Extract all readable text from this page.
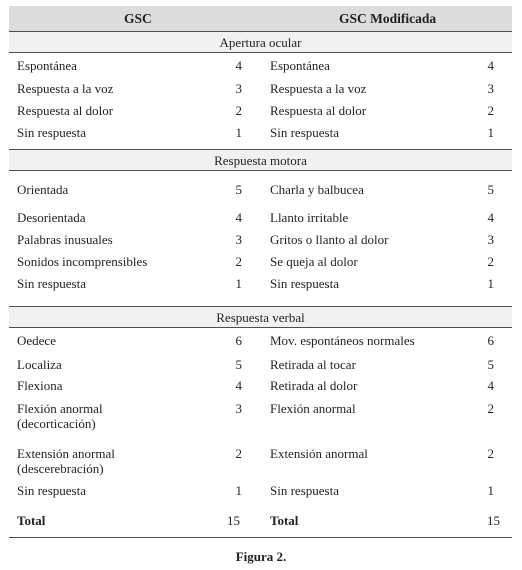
GSC	GSC Modificada
Apertura ocular
Espontánea	4 Espontánea	4
Respuesta a la voz	3 Respuesta a la voz	3
Respuesta al dolor	2 Respuesta al dolor	2
Sin respuesta	1 Sin respuesta	1
Respuesta motora
Orientada	5 Charla y balbucea	5
Desorientada	4 Llanto irritable	4
Palabras inusuales	3 Gritos o llanto al dolor	3
Sonidos incomprensibles	2 Se queja al dolor	2
Sin respuesta	1 Sin respuesta	1
Respuesta verbal
Oedece	6 Mov. espontáneos normales	6
Localiza	5 Retirada al tocar	5
Flexiona	4 Retirada al dolor	4
Flexión anormal
(decorticación)
3 Flexión anormal	2
Extensión anormal
(descerebración)
2 Extensión anormal	2
Sin respuesta	1 Sin respuesta	1
Total	15 Total	15
Figura 2.
